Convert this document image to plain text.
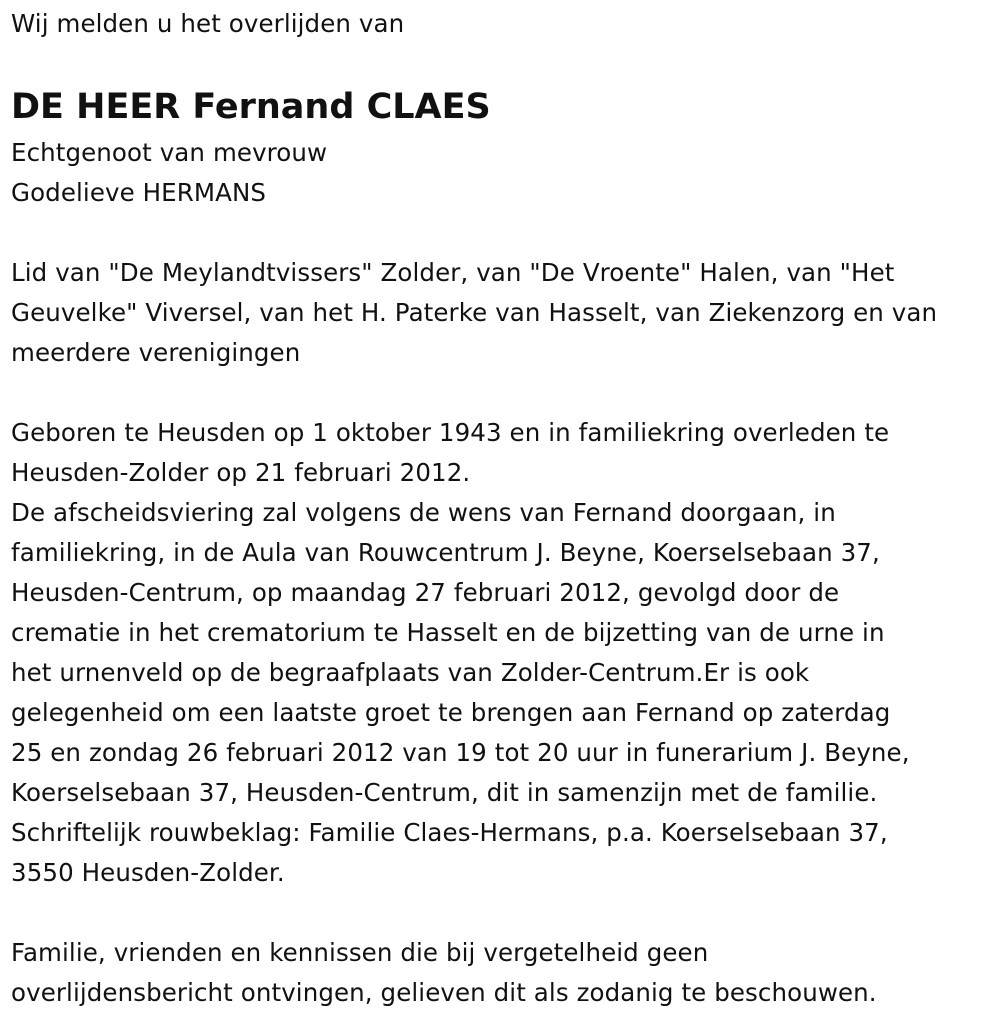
Wij melden u het overlijden van
DE HEER Fernand CLAES
Echtgenoot van mevrouw
Godelieve HERMANS
Lid van "De Meylandtvissers" Zolder, van "De Vroente" Halen, van "Het
Geuvelke" Viversel, van het H. Paterke van Hasselt, van Ziekenzorg en van
meerdere verenigingen
Geboren te Heusden op 1 oktober 1943 en in familiekring overleden te
Heusden-Zolder op 21 februari 2012.
De afscheidsviering zal volgens de wens van Fernand doorgaan, in
familiekring, in de Aula van Rouwcentrum J. Beyne, Koerselsebaan 37,
Heusden-Centrum, op maandag 27 februari 2012, gevolgd door de
crematie in het crematorium te Hasselt en de bijzetting van de urne in
het urnenveld op de begraafplaats van Zolder-Centrum.Er is ook
gelegenheid om een laatste groet te brengen aan Fernand op zaterdag
25 en zondag 26 februari 2012 van 19 tot 20 uur in funerarium J. Beyne,
Koerselsebaan 37, Heusden-Centrum, dit in samenzijn met de familie.
Schriftelijk rouwbeklag: Familie Claes-Hermans, p.a. Koerselsebaan 37,
3550 Heusden-Zolder.
Familie, vrienden en kennissen die bij vergetelheid geen
overlijdensbericht ontvingen, gelieven dit als zodanig te beschouwen.
